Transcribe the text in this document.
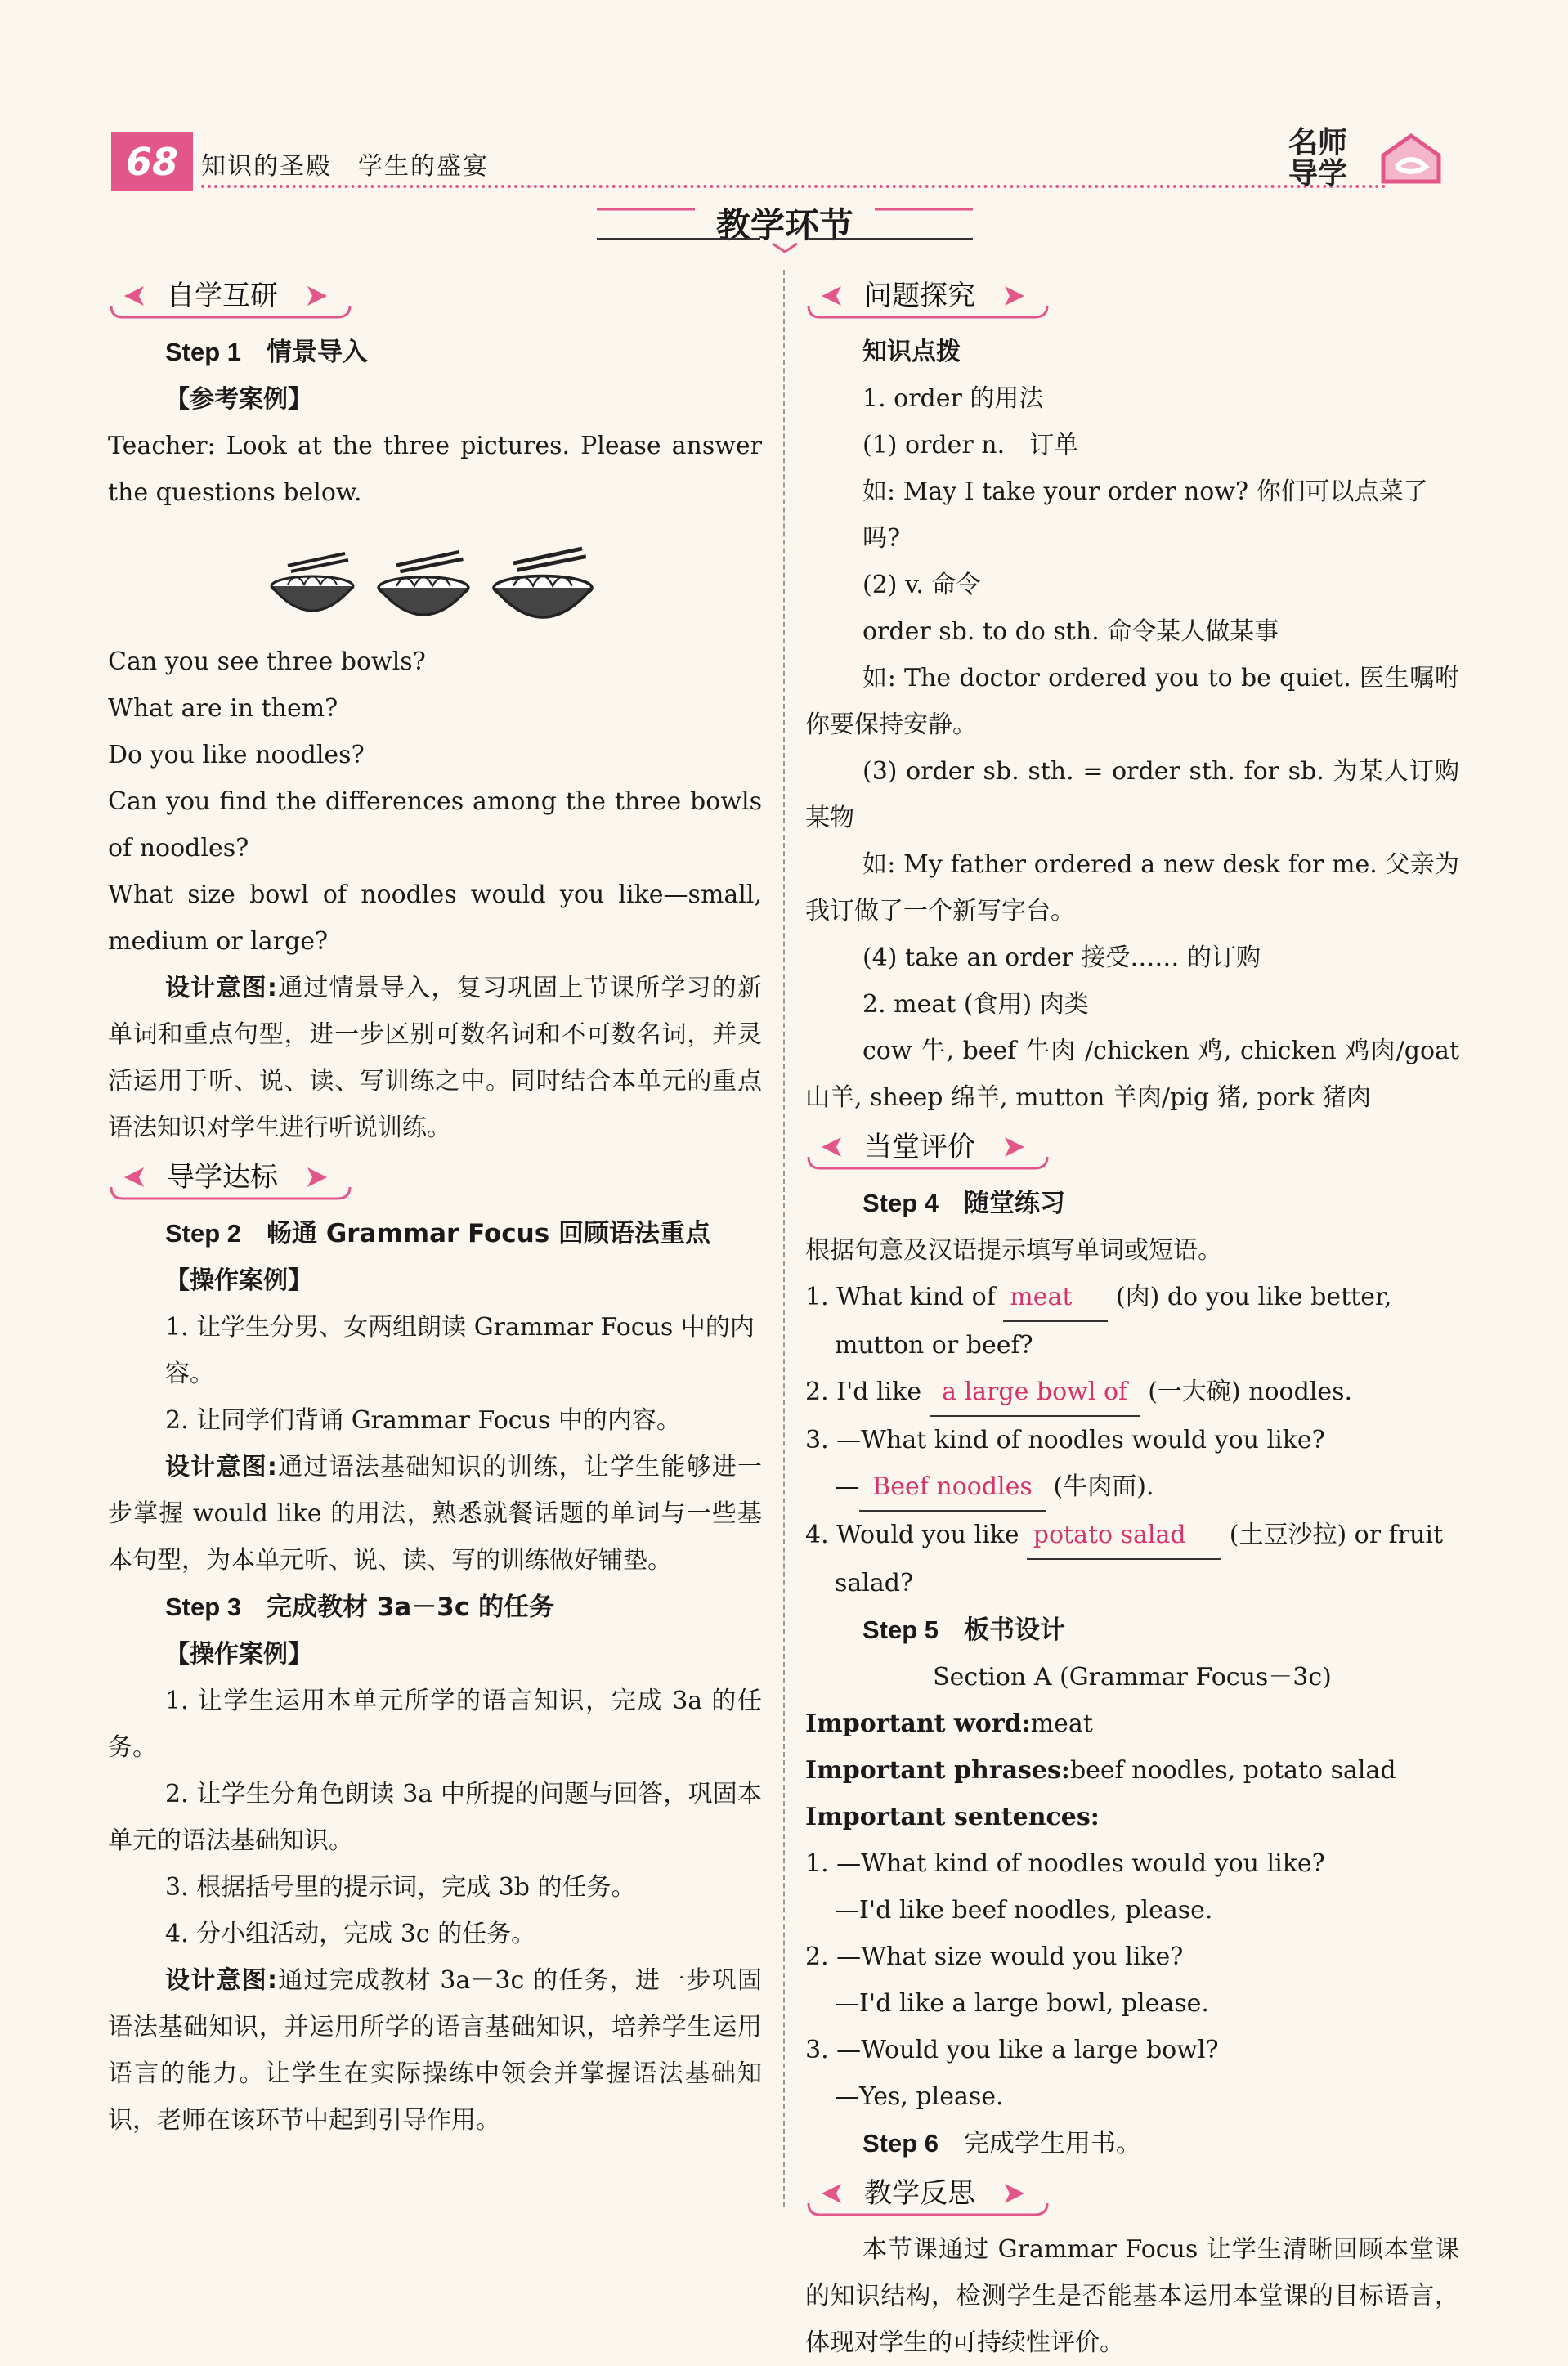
68 知识的圣殿　学生的盛宴
名师
导学
教学环节
自学互研
Step 1　 情景导入

【参考案例】

Teacher: Look at the three pictures. Please answer the questions below.

Can you see three bowls?

What are in them?

Do you like noodles?

Can you find the differences among the three bowls of noodles?

What size bowl of noodles would you like—small, medium or large?

设计意图:通过情景导入，复习巩固上节课所学习的新单词和重点句型，进一步区别可数名词和不可数名词，并灵活运用于听、说、读、写训练之中。同时结合本单元的重点语法知识对学生进行听说训练。

导学达标
Step 2　 畅通 Grammar Focus 回顾语法重点

【操作案例】

1. 让学生分男、女两组朗读 Grammar Focus 中的内容。

2. 让同学们背诵 Grammar Focus 中的内容。

设计意图:通过语法基础知识的训练，让学生能够进一步掌握 would like 的用法，熟悉就餐话题的单词与一些基本句型，为本单元听、说、读、写的训练做好铺垫。

Step 3　 完成教材 3a－3c 的任务

【操作案例】

1. 让学生运用本单元所学的语言知识，完成 3a 的任务。

2. 让学生分角色朗读 3a 中所提的问题与回答，巩固本单元的语法基础知识。

3. 根据括号里的提示词，完成 3b 的任务。

4. 分小组活动，完成 3c 的任务。

设计意图:通过完成教材 3a－3c 的任务，进一步巩固语法基础知识，并运用所学的语言基础知识，培养学生运用语言的能力。让学生在实际操练中领会并掌握语法基础知识，老师在该环节中起到引导作用。

问题探究

知识点拨

1. order 的用法

(1) order n.　订单

如: May I take your order now? 你们可以点菜了吗?

(2) v. 命令

order sb. to do sth. 命令某人做某事

如: The doctor ordered you to be quiet. 医生嘱咐你要保持安静。

(3) order sb. sth. = order sth. for sb. 为某人订购某物

如: My father ordered a new desk for me. 父亲为我订做了一个新写字台。

(4) take an order 接受…… 的订购

2. meat (食用) 肉类

cow 牛, beef 牛肉 /chicken 鸡, chicken 鸡肉/goat 山羊, sheep 绵羊, mutton 羊肉/pig 猪, pork 猪肉

当堂评价
Step 4　 随堂练习

根据句意及汉语提示填写单词或短语。

1. What kind of meat (肉) do you like better, mutton or beef?

2. I'd like a large bowl of (一大碗) noodles.

3. —What kind of noodles would you like?

— Beef noodles (牛肉面).

4. Would you like potato salad (土豆沙拉) or fruit salad?

Step 5　 板书设计

Section A (Grammar Focus－3c)

Important word:meat

Important phrases:beef noodles, potato salad

Important sentences:

1. —What kind of noodles would you like?

—I'd like beef noodles, please.

2. —What size would you like?

—I'd like a large bowl, please.

3. —Would you like a large bowl?

—Yes, please.

Step 6　 完成学生用书。
教学反思

本节课通过 Grammar Focus 让学生清晰回顾本堂课的知识结构，检测学生是否能基本运用本堂课的目标语言，体现对学生的可持续性评价。
